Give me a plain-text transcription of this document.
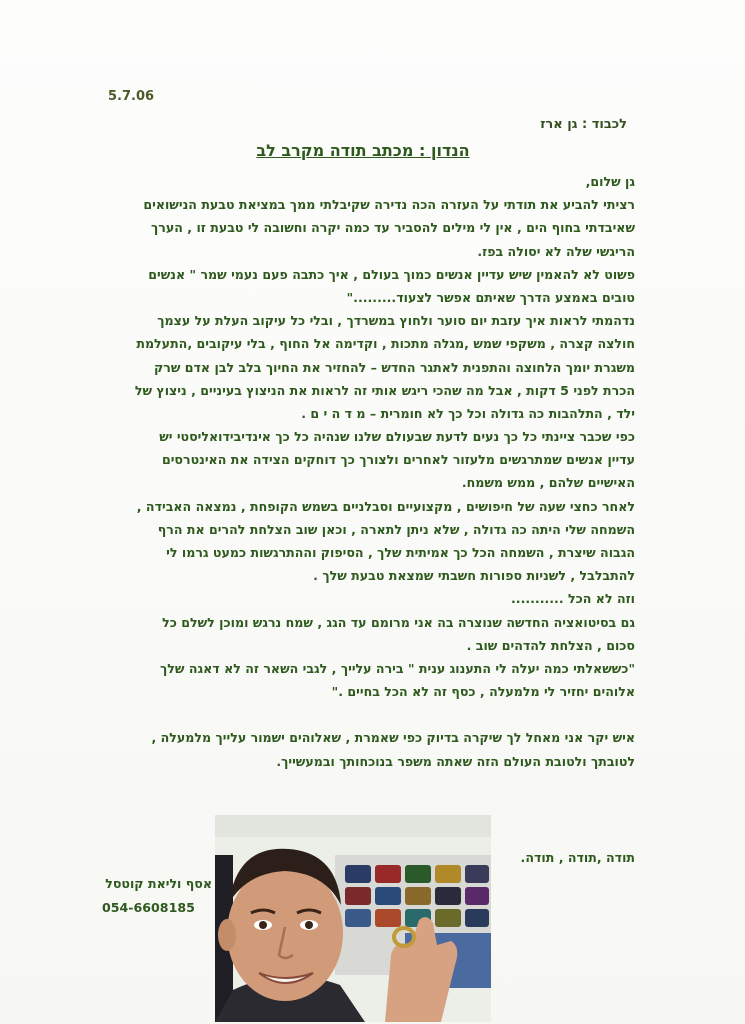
5.7.06
לכבוד : גן ארז
הנדון : מכתב תודה מקרב לב
גן שלום,
רציתי להביע את תודתי על העזרה הכה נדירה שקיבלתי ממך במציאת טבעת הנישואים
שאיבדתי בחוף הים , אין לי מילים להסביר עד כמה יקרה וחשובה לי טבעת זו , הערך
הריגשי שלה לא יסולה בפז.
פשוט לא להאמין שיש עדיין אנשים כמוך בעולם , איך כתבה פעם נעמי שמר " אנשים
טובים באמצע הדרך שאיתם אפשר לצעוד........."
נדהמתי לראות איך עזבת יום סוער ולחוץ במשרדך , ובלי כל עיקוב העלת על עצמך
חולצה קצרה , משקפי שמש ,מגלה מתכות , וקדימה אל החוף , בלי עיקובים ,התעלמת
משגרת יומך הלחוצה והתפנית לאתגר החדש – להחזיר את החיוך בלב לבן אדם שרק
הכרת לפני 5 דקות , אבל מה שהכי ריגש אותי זה לראות את הניצוץ בעיניים , ניצוץ של
ילד , התלהבות כה גדולה וכל כך לא חומרית – מ ד ה י ם .
כפי שכבר ציינתי כל כך נעים לדעת שבעולם שלנו שנהיה כל כך אינדיבידואליסטי יש
עדיין אנשים שמתרגשים מלעזור לאחרים ולצורך כך דוחקים הצידה את האינטרסים
האישיים שלהם , ממש משמח.
לאחר כחצי שעה של חיפושים , מקצועיים וסבלניים בשמש הקופחת , נמצאה האבידה ,
השמחה שלי היתה כה גדולה , שלא ניתן לתארה , וכאן שוב הצלחת להרים את הרף
הגבוה שיצרת , השמחה הכל כך אמיתית שלך , הסיפוק וההתרגשות כמעט גרמו לי
להתבלבל , לשניות ספורות חשבתי שמצאת טבעת שלך .
וזה לא הכל ...........
גם בסיטואציה החדשה שנוצרה בה אני מרומם עד הגג , שמח נרגש ומוכן לשלם כל
סכום , הצלחת להדהים שוב .
"כששאלתי כמה יעלה לי התענוג ענית " בירה עלייך , לגבי השאר זה לא דאגה שלך
אלוהים יחזיר לי מלמעלה , כסף זה לא הכל בחיים ."
איש יקר אני מאחל לך שיקרה בדיוק כפי שאמרת , שאלוהים ישמור עלייך מלמעלה ,
לטובתך ולטובת העולם הזה שאתה משפר בנוכחותך ובמעשייך.
תודה ,תודה , תודה.
אסף וליאת קוטסל
054-6608185
